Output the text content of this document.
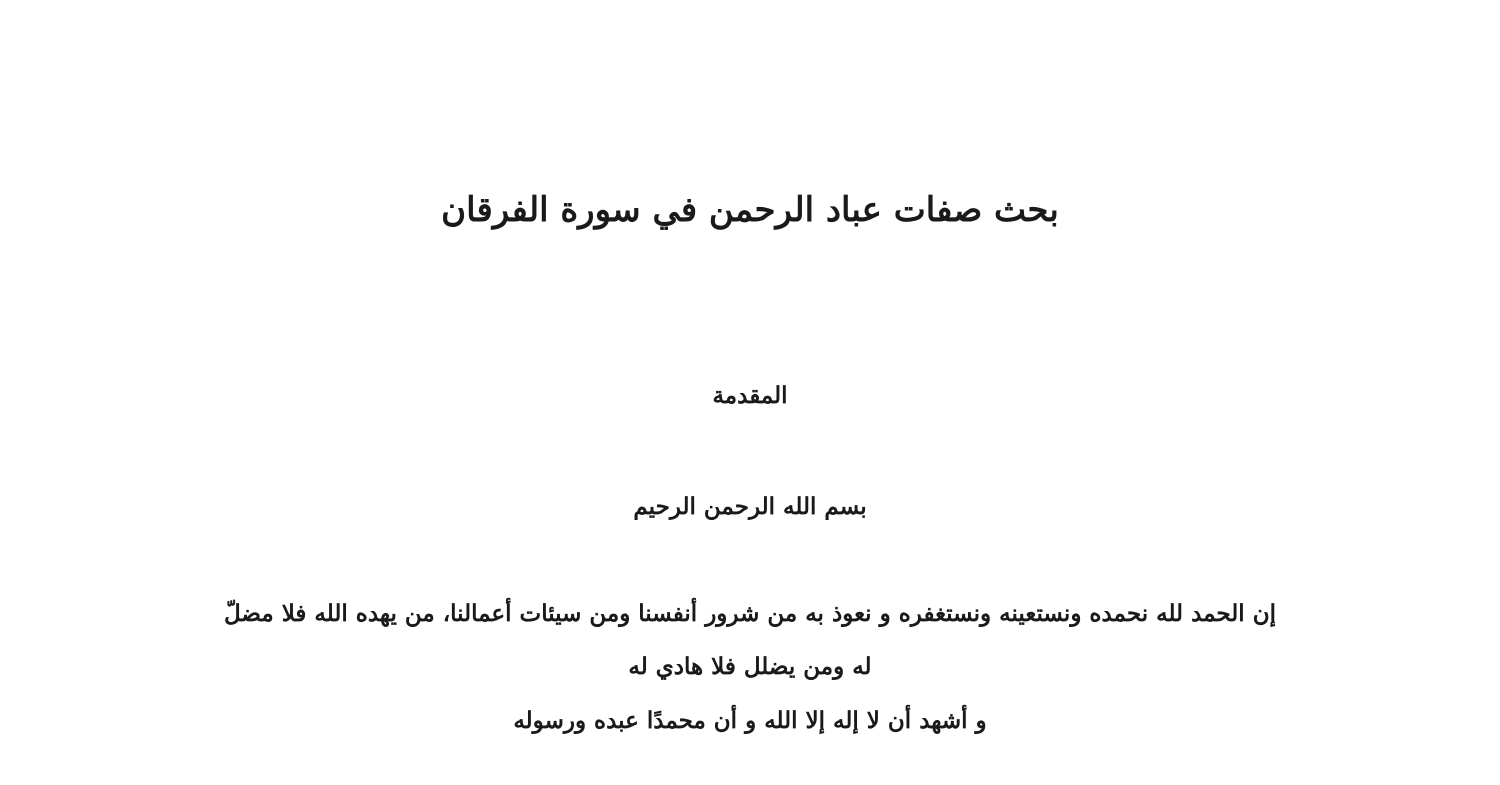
بحث صفات عباد الرحمن في سورة الفرقان
المقدمة
بسم الله الرحمن الرحيم
إن الحمد لله نحمده ونستعينه ونستغفره و نعوذ به من شرور أنفسنا ومن سيئات أعمالنا، من يهده الله فلا مضلّ
له ومن يضلل فلا هادي له
و أشهد أن لا إله إلا الله و أن محمدًا عبده ورسوله
